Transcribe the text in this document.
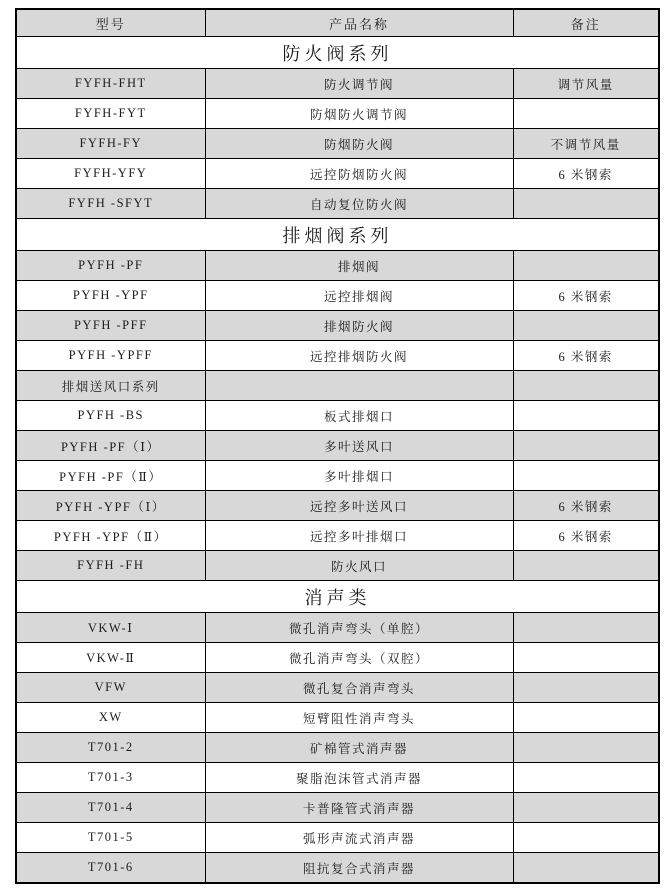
型号	产品名称	备注
防火阀系列		
FYFH-FHT	防火调节阀	调节风量
FYFH-FYT	防烟防火调节阀	
FYFH-FY	防烟防火阀	不调节风量
FYFH-YFY	远控防烟防火阀	6 米钢索
FYFH -SFYT	自动复位防火阀	
排烟阀系列		
PYFH -PF	排烟阀	
PYFH -YPF	远控排烟阀	6 米钢索
PYFH -PFF	排烟防火阀	
PYFH -YPFF	远控排烟防火阀	6 米钢索
排烟送风口系列		
PYFH -BS	板式排烟口	
PYFH -PF（Ⅰ）	多叶送风口	
PYFH -PF（Ⅱ）	多叶排烟口	
PYFH -YPF（Ⅰ）	远控多叶送风口	6 米钢索
PYFH -YPF（Ⅱ）	远控多叶排烟口	6 米钢索
FYFH -FH	防火风口	
消声类		
VKW-Ⅰ	微孔消声弯头（单腔）	
VKW-Ⅱ	微孔消声弯头（双腔）	
VFW	微孔复合消声弯头	
XW	短臂阻性消声弯头	
T701-2	矿棉管式消声器	
T701-3	聚脂泡沫管式消声器	
T701-4	卡普隆管式消声器	
T701-5	弧形声流式消声器	
T701-6	阻抗复合式消声器	
